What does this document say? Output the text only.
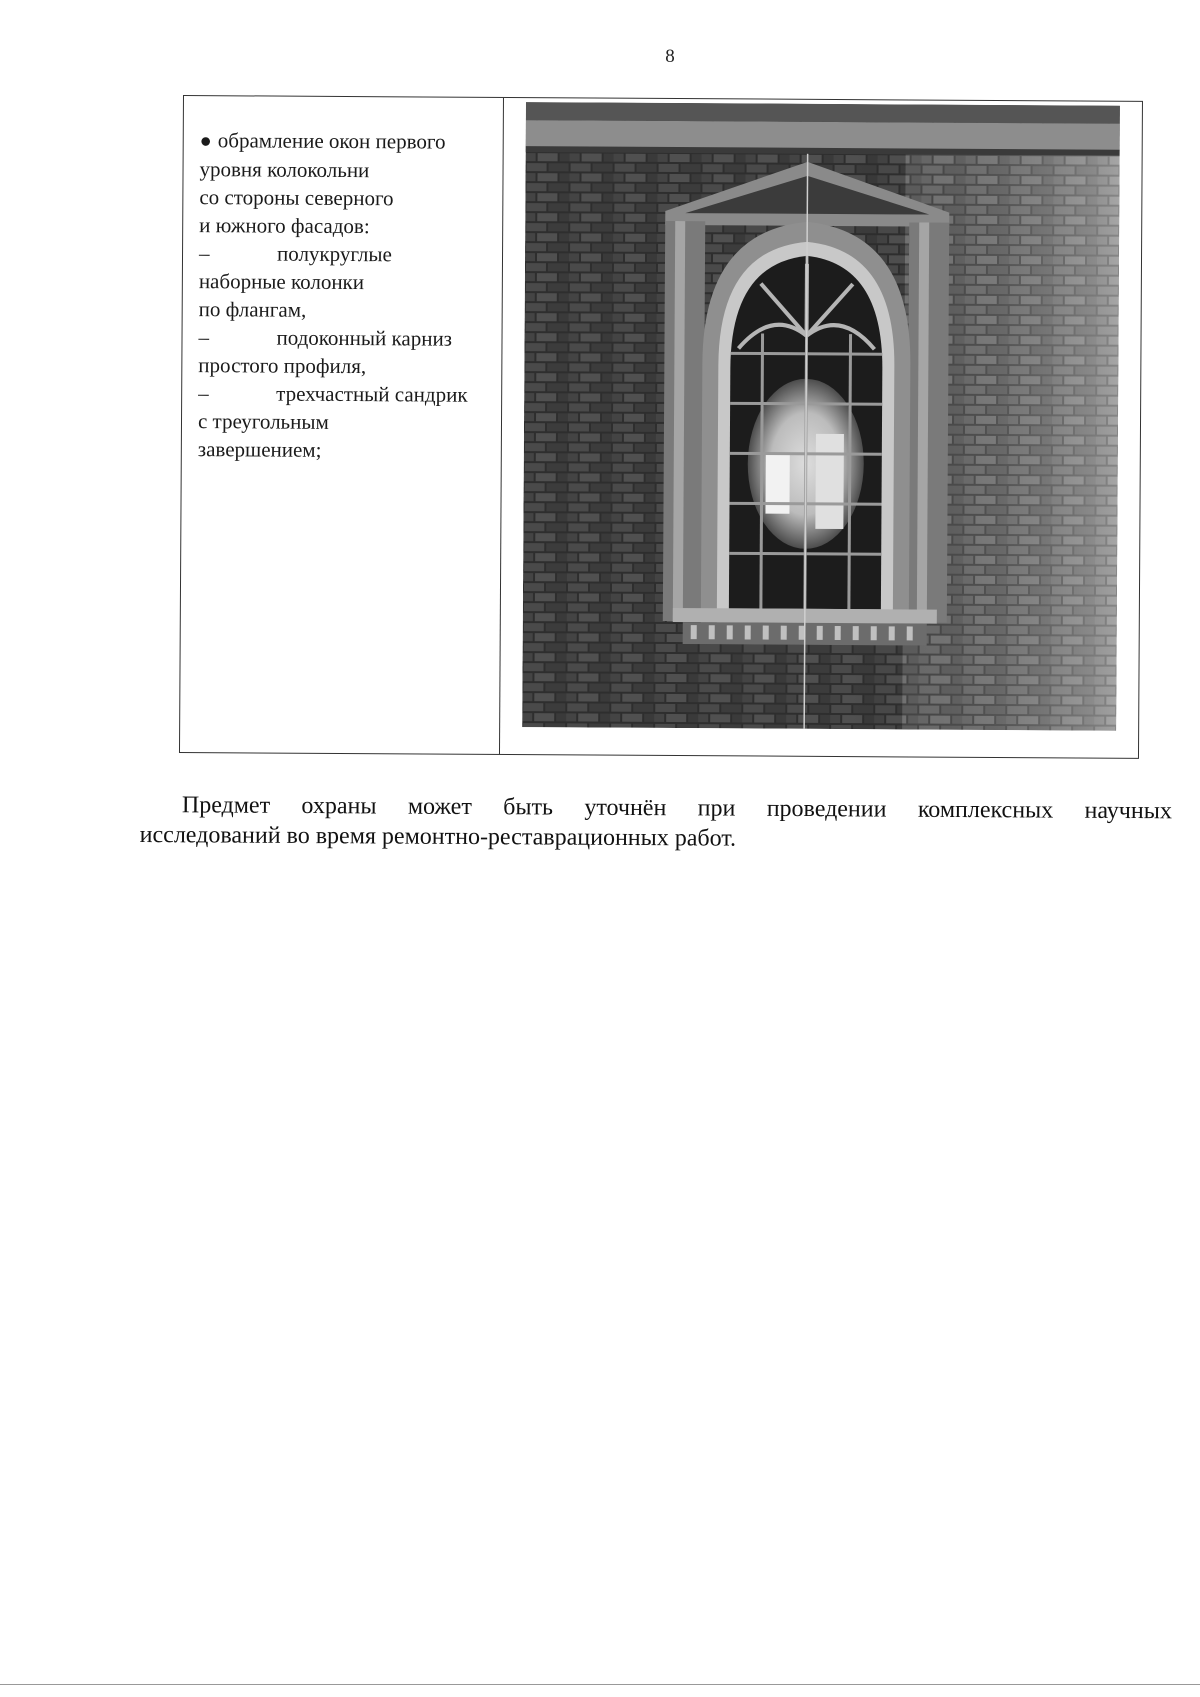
8
● обрамление окон первого
уровня колокольни
со стороны северного
и южного фасадов:
–	полукруглые
наборные колонки
по флангам,
–	подоконный карниз
простого профиля,
–	трехчастный сандрик
с треугольным
завершением;
Предмет охраны может быть уточнён при проведении комплексных научных
исследований во время ремонтно-реставрационных работ.
